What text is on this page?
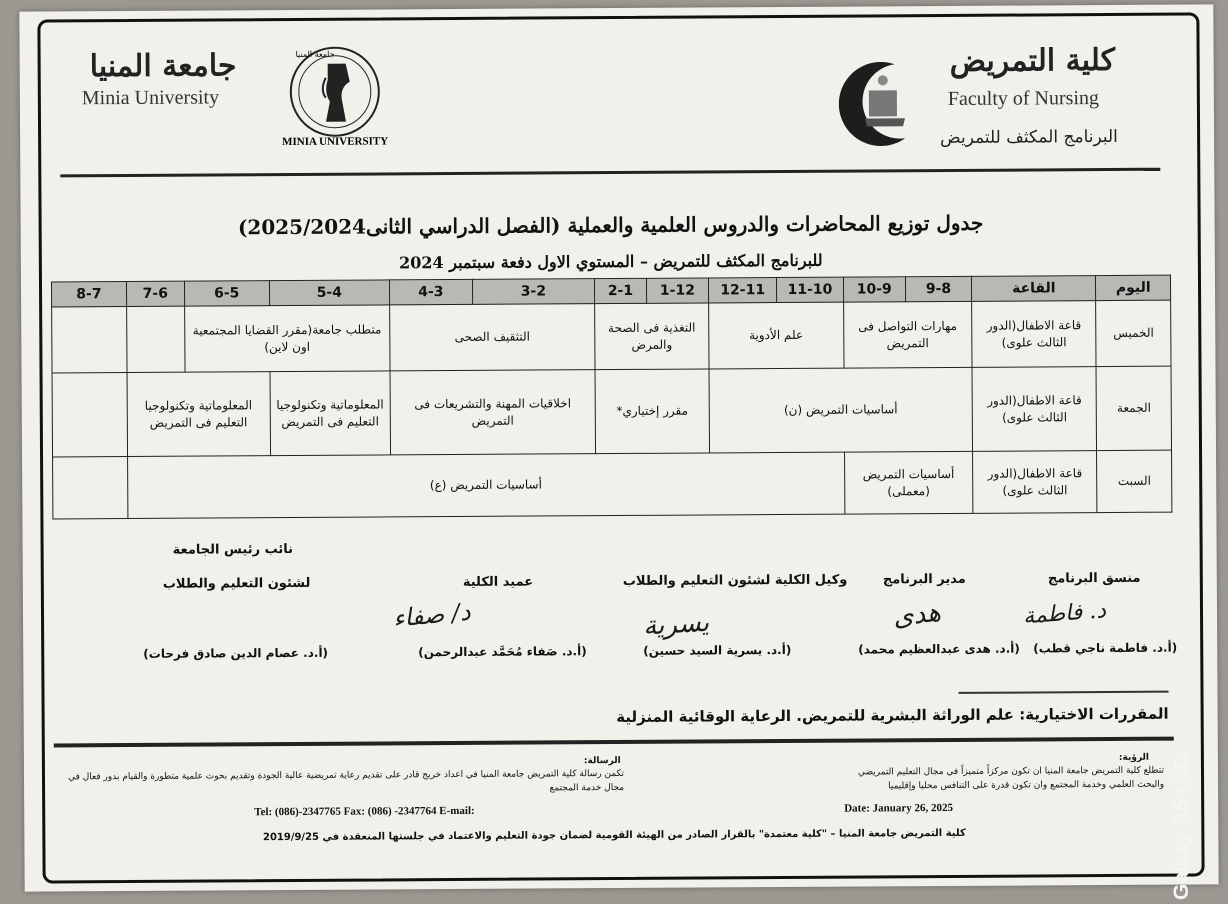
جامعة المنيا
Minia University
جامعة المنيا
MINIA UNIVERSITY
كلية التمريض
Faculty of Nursing
البرنامج المكثف للتمريض
جدول توزيع المحاضرات والدروس العلمية والعملية (الفصل الدراسي الثانى2025/2024)
للبرنامج المكثف للتمريض – المستوي الاول دفعة سبتمبر 2024
اليوم	القاعة	9-8	10-9	11-10	12-11	1-12	2-1	3-2	4-3	5-4	6-5	7-6	8-7
الخميس	قاعة الاطفال(الدور الثالث علوى)	مهارات التواصل فى التمريض		علم الأدوية		التغذية فى الصحة والمرض		التثقيف الصحى		متطلب جامعة(مقرر القضايا المجتمعية اون لاين)			
الجمعة	قاعة الاطفال(الدور الثالث علوى)	أساسيات التمريض (ن)				مقرر إختياري*		اخلاقيات المهنة والتشريعات فى التمريض		المعلوماتية وتكنولوجيا التعليم فى التمريض	المعلوماتية وتكنولوجيا التعليم فى التمريض		
السبت	قاعة الاطفال(الدور الثالث علوى)	أساسيات التمريض (معملى)		أساسيات التمريض (ع)									
نائب رئيس الجامعة
لشئون التعليم والطلاب
(أ.د. عصام الدين صادق فرحات)
عميد الكلية
د/ صفاء
(أ.د. صَفاء مُحَمَّد عبدالرحمن)
وكيل الكلية لشئون التعليم والطلاب
يسرية
(أ.د. يسرية السيد حسين)
مدير البرنامج
هدى
(أ.د. هدى عبدالعظيم محمد)
منسق البرنامج
د. فاطمة
(أ.د. فاطمة ناجي قطب)
المقررات الاختيارية: علم الوراثة البشرية للتمريض. الرعاية الوقائية المنزلية
الرؤية:
تتطلع كلية التمريض جامعة المنيا ان تكون مركزاً متميزاً في مجال التعليم التمريضي والبحث العلمي وخدمة المجتمع وان تكون قدرة على التنافس محليا وإقليميا
الرسالة:
تكمن رسالة كلية التمريض جامعة المنيا في اعداد خريج قادر على تقديم رعاية تمريضية عالية الجودة وتقديم بحوث علمية متطورة والقيام بدور فعال في مجال خدمة المجتمع
Tel: (086)-2347765 Fax: (086) -2347764 E-mail:	Date: January 26, 2025
كلية التمريض جامعة المنيا – "كلية معتمدة" بالقرار الصادر من الهيئة القومية لضمان جودة التعليم والاعتماد في جلستها المنعقدة في 2019/9/25	Galaxy A54 5G
